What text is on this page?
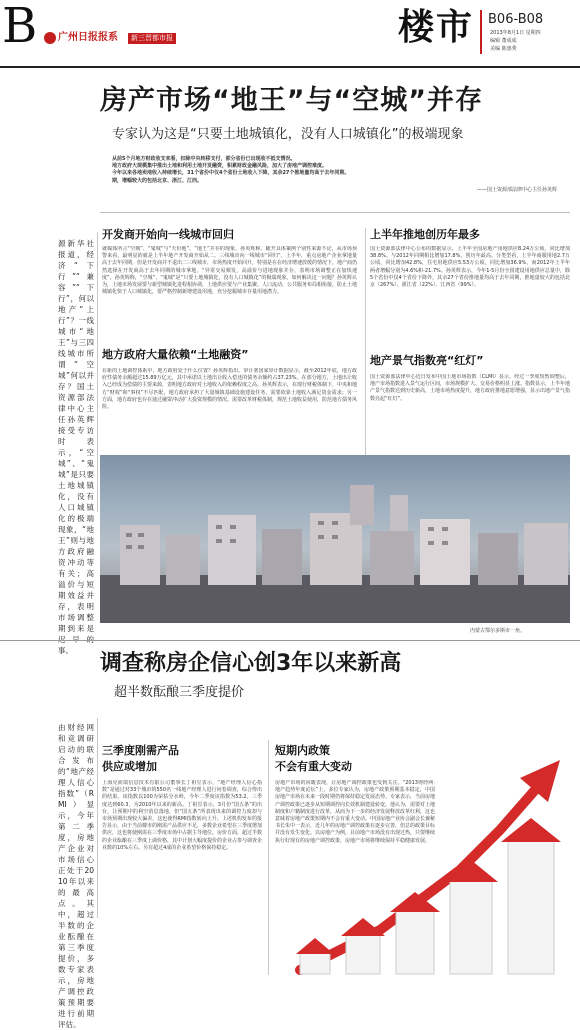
B 广州日报报系	新三晋都市报	楼市 B06-B08
2013年8月1日 星期四
编辑 董成成
美编 陈惠秀
房产市场“地王”与“空城”并存
专家认为这是“只要土地城镇化，没有人口城镇化”的极端现象
从前5个月地方财政收支来看，扣除中央转移支付，部分省份已出现收不抵支情况。
地方政府大规模集中推出土地和利用土地开发融资，积累财政金融风险，加大了房地产调控难度。
今年以来各地卖地收入持续增长，31个省份中仅4个省份土地收入下降，其余27个推地量均高于去年同期。
期，增幅较大的包括北京、浙江、江西。
——国土资源部法律中心主任孙英辉
源新华社报道，经济“下行”“兼容”“下行”，何以地产“上行”？一线城市“地王”与三四线城市所谓“空城”何以并存？国土资源部法律中心主任孙英辉接受专访时表示，“空城”、“鬼城”是只要土地城镇化，没有人口城镇化的极端现象，“地王”则与地方政府融资冲动等有关；高溢价与短期效益并存，表明市场调整期到来是 事。
开发商开始向一线城市回归
就媒体所言“空城”、“鬼城”与“天价地”、“地王”并存的现象，孙英辉称，随开具体案例个别性来源不论，从市场预警来看，最明显的就是上半年地产开发商开始从二、三线城市向一线城市“回归”。上半年，重点房地产企业拿地量高于去年同期，但是开发商并不退出二三线城市，市场热度开始回升，特别是在在经济增速放缓的情况下，地产商仍然选择在开发商高于去年同期的城市拿地。“异常交易频发，高溢价与进地现象并存，表明市场调整正在加快速度”，孙英辉称，“空城”、“鬼城”是“只要土地城镇化，没有人口城镇化”的极端现象。如何解决这一问题？孙英辉认为，土地市场发展要与新型城镇化进程相协调，土地供应要与产业集聚、人口流动、公共服务布局相衔接，防止土地城镇化快于人口城镇化，要严格控制新增建设用地，充分挖掘城市存量用地潜力。
地方政府大量依赖“土地融资”
在新的土地调控体系中，地方政府处于什么位置？孙英辉指出，审计署国家审计数据显示，截至2012年底，地方政府性债务余额超过15.89万亿元，其中承诺以土地出让收入偿还的债务余额约占37.23%。在部分地方，土地出让收入已经成为偿债的主要来源，表明地方政府对土地收入的依赖程度之高。孙英辉表示，在现行财税体制下，中央和地方“财权”和“事权”不尽匹配，地方政府承担了大量城镇基础设施建设任务，需要依靠土地收入满足资金需求；另一方面，地方政府也存在通过融资冲动扩大投资规模的情况。需要改革财税体制，规范土地收益使用，防范地方债务风险。
上半年推地创历年最多
国土资源部法律中心公布的数据显示，上半年全国房地产用地供应8.24万公顷，同比增加38.8%。与2012年同期相比增加17.8%，创历年最高。分类型看，上半年商服用地2.7万公顷，同比增加42.8%，住宅用地供应5.53万公顷，同比增加36.9%，而2012年上半年两者增幅分别为4.6%和-21.7%。孙英辉表示，今年1-5月份全国建设用地供应总量中，除5个省份中仅4个省份下降外，其余27个省份推地量均高于去年同期，推地量较大的包括北京（267%）、浙江省（22%）、江西省（99%）。
地产景气指数亮“红灯”
国土资源部法律中心近日发布中国土地市场指数（CLMI）显示，经过一季度短暂调整后，地产市场指数进入景气运行区间，市场规模扩大、交易价格明显上涨。指数显示，上半年地产景气指数达到历史新高，土地市场热度提升，地方政府推地意愿增强，显示出地产景气指数亮起“红灯”。
内蒙古鄂尔多斯市一角。
调查称房企信心创3年以来新高
超半数酝酿三季度提价
由财经网和竞调研启动的联合发布的“地产经理人信心指数”（RMI）显示，今年第二季度，房地产企业对市场信心正处于2010年以来的最高点。其中，超过半数的企业酝酿在第三季度提价，多数专家表示，房地产调控政策预期要进行前期评估。
三季度刚需产品
供应或增加
上海克而瑞信息技术有限公司董事长丁祖昱表示，“地产经理人信心指数”是通过对33个城市的550名一线地产经理人进行问卷调查，综合得出的结果。该指数以100为荣枯分水岭，今年二季度该指数为53.2，三季度达到60.3，为2010年以来的新高。丁祖昱表示，3月份“国五条”的出台，让预期中的利空消息落地，但“国五条”所表现出来的调控力度却与市场预期出现较大偏差，这也使得RMI指数转向上升。上述机构发布的报告显示，由于当前楼市的刚需产品供应不足，多数企业希望在三季度增加供应，这也将使刚需在三季度市场中占据主导地位。房价方面，超过半数的企业酝酿在三季度上调价格，其中计划大幅度提价的企业占参与调查企业数的10%左右。另有超过4成的企业希望价格保持稳定。
短期内政策
不会有重大变动
房地产市场的回暖表现，让房地产调控政策也受到关注。“2013财经网·地产趋势年度论坛”上，多位专家认为，房地产政策预期基本稳定，中国房地产市场在未来一段时期仍将保持稳定发展态势。专家表示，当前房地产调控政策已逐步从短期调控向长效机制建设转变。他认为，需要对土地制度和户籍制度进行改革，从而为下一步的经济发展释放改革红利，这也意味着房地产政策短期内不会有重大变动。中国房地产业协会副会长兼秘书长朱中一表示，近几年的房地产调控政策在逐步完善，但总的政策目标并没有发生变化。以房地产为例，目前地产市场没有出现过热，只要继续执行好现有的房地产调控政策，房地产市场将继续保持平稳健康发展。
